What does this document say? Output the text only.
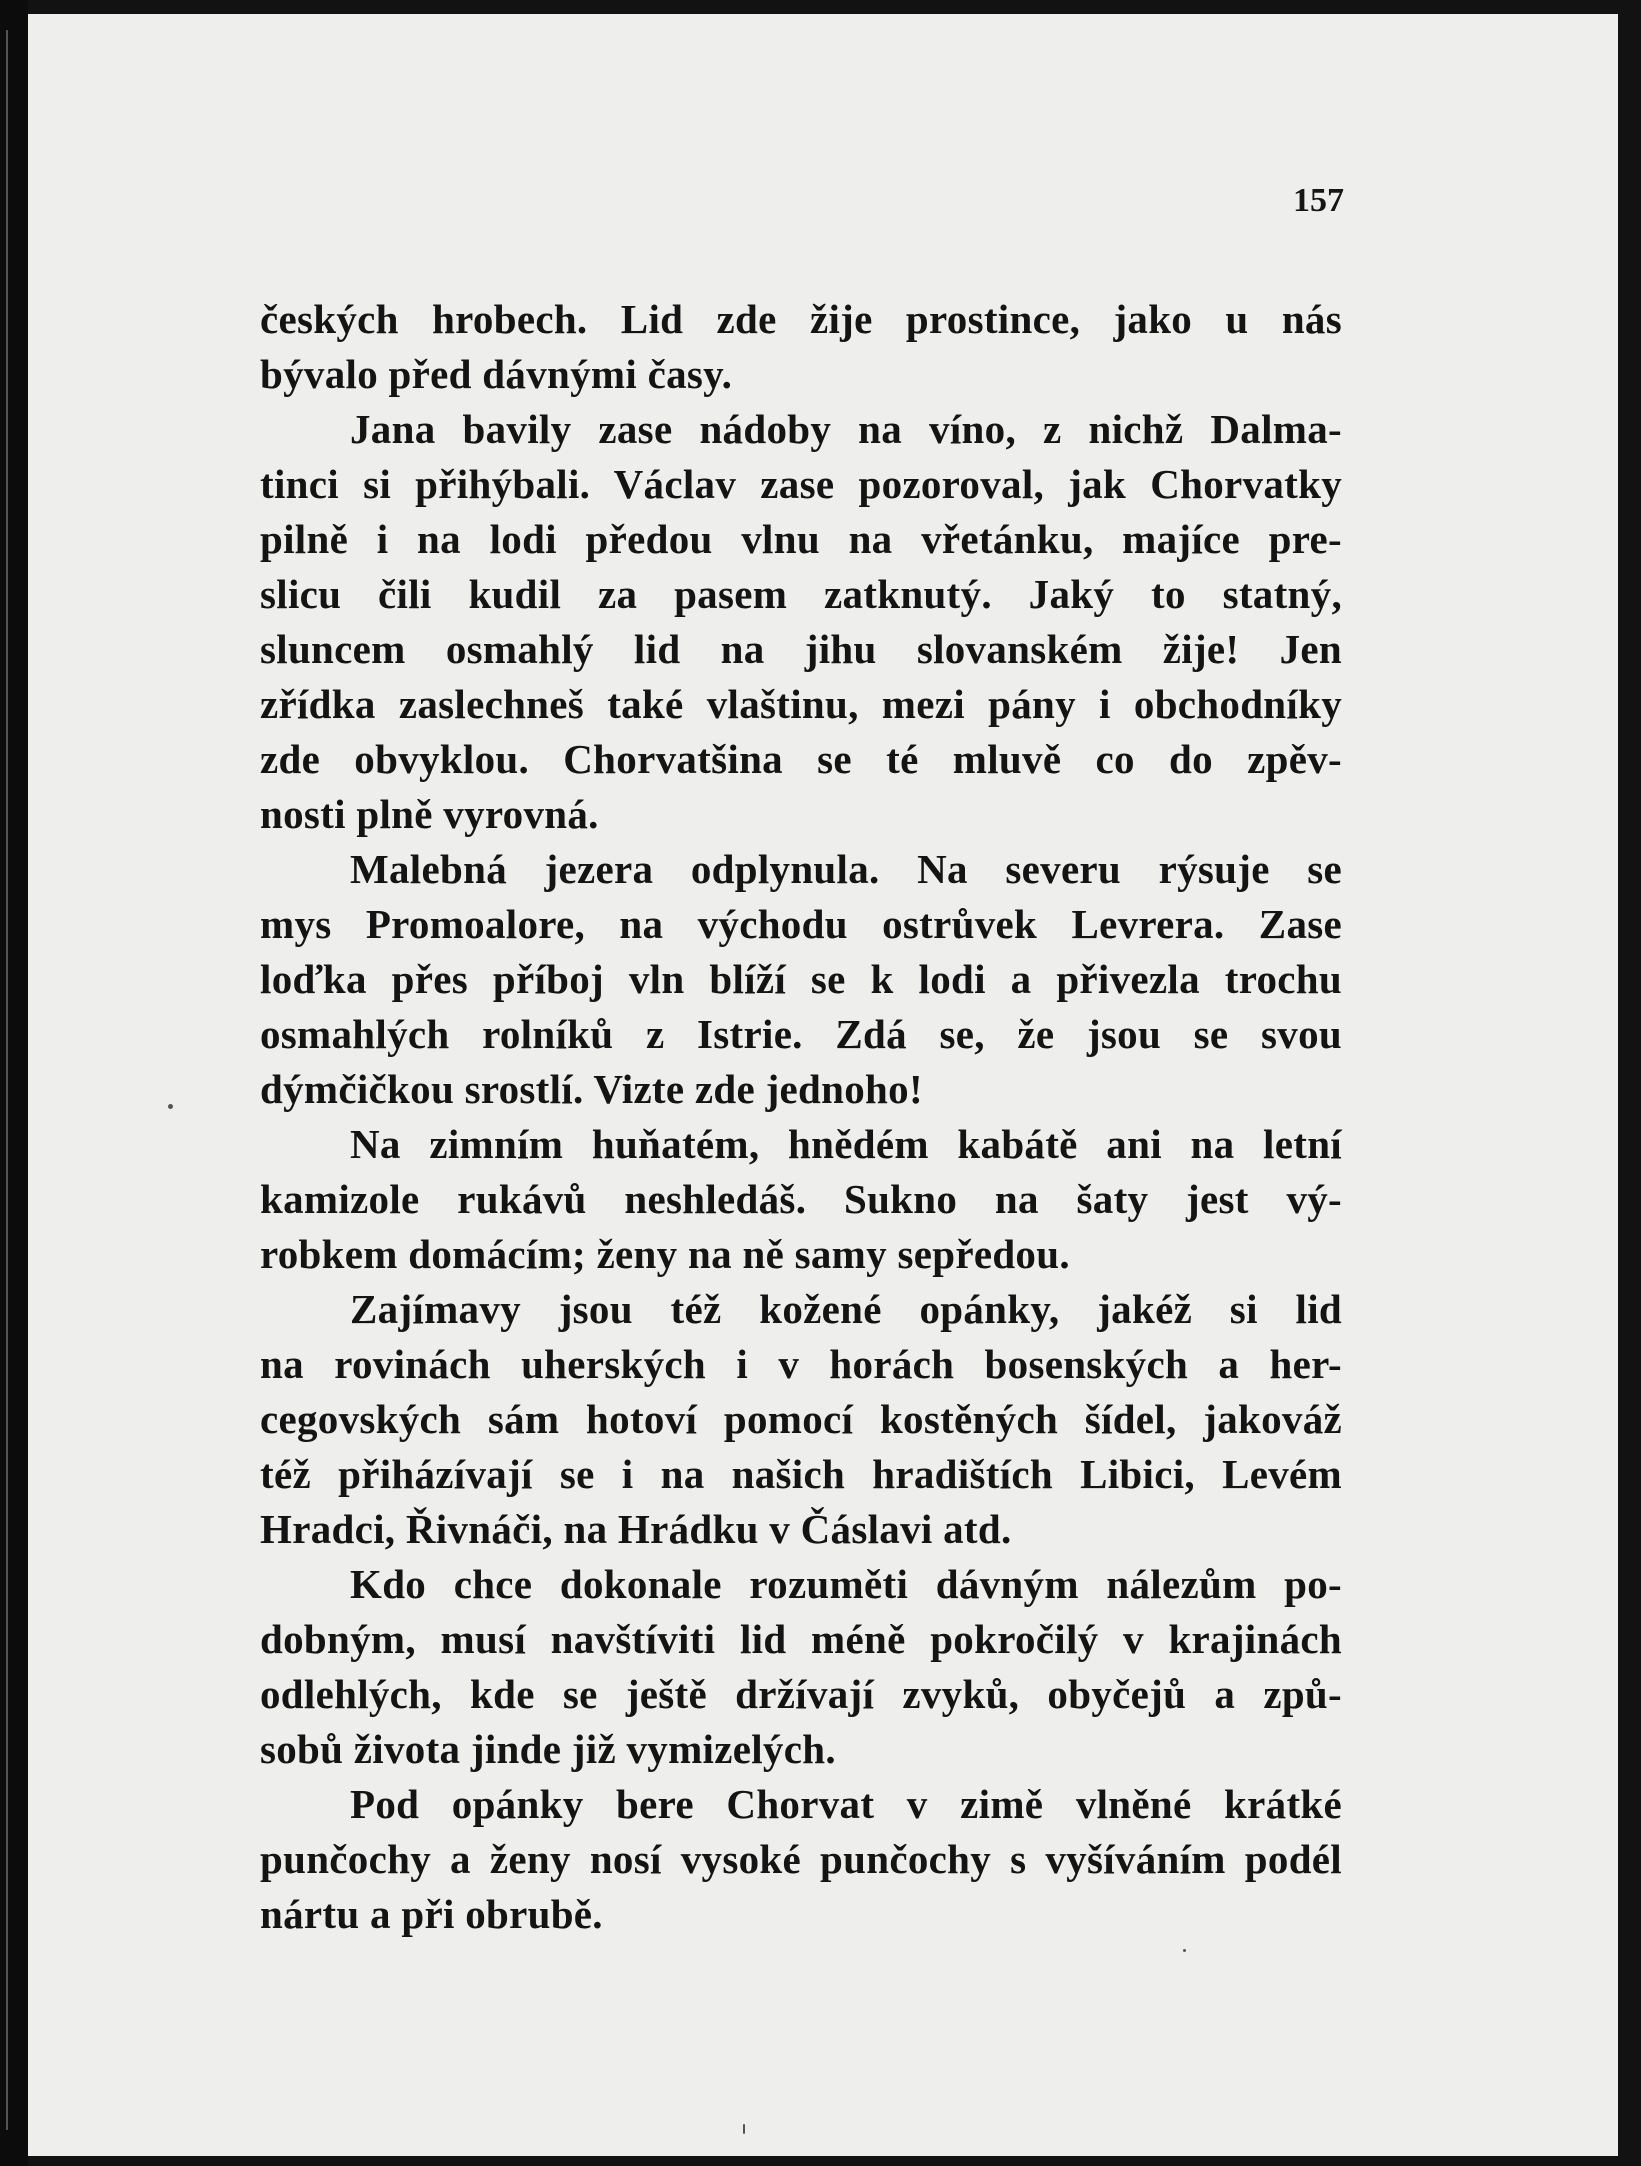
157

českých hrobech. Lid zde žije prostince, jako u nás
bývalo před dávnými časy.
Jana bavily zase nádoby na víno, z nichž Dalma-
tinci si přihýbali. Václav zase pozoroval, jak Chorvatky
pilně i na lodi předou vlnu na vřetánku, majíce pre-
slicu čili kudil za pasem zatknutý. Jaký to statný,
sluncem osmahlý lid na jihu slovanském žije! Jen
zřídka zaslechneš také vlaštinu, mezi pány i obchodníky
zde obvyklou. Chorvatšina se té mluvě co do zpěv-
nosti plně vyrovná.
Malebná jezera odplynula. Na severu rýsuje se
mys Promoalore, na východu ostrůvek Levrera. Zase
loďka přes příboj vln blíží se k lodi a přivezla trochu
osmahlých rolníků z Istrie. Zdá se, že jsou se svou
dýmčičkou srostlí. Vizte zde jednoho!
Na zimním huňatém, hnědém kabátě ani na letní
kamizole rukávů neshledáš. Sukno na šaty jest vý-
robkem domácím; ženy na ně samy sepředou.
Zajímavy jsou též kožené opánky, jakéž si lid
na rovinách uherských i v horách bosenských a her-
cegovských sám hotoví pomocí kostěných šídel, jakováž
též přiházívají se i na našich hradištích Libici, Levém
Hradci, Řivnáči, na Hrádku v Čáslavi atd.
Kdo chce dokonale rozuměti dávným nálezům po-
dobným, musí navštíviti lid méně pokročilý v krajinách
odlehlých, kde se ještě držívají zvyků, obyčejů a způ-
sobů života jinde již vymizelých.
Pod opánky bere Chorvat v zimě vlněné krátké
punčochy a ženy nosí vysoké punčochy s vyšíváním podél
nártu a při obrubě.
